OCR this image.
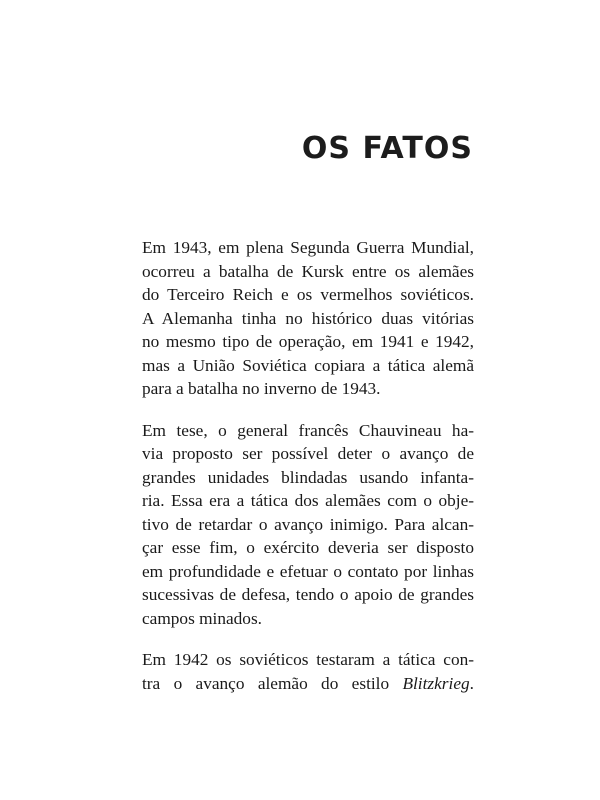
OS FATOS

Em 1943, em plena Segunda Guerra Mundial,
ocorreu a batalha de Kursk entre os alemães
do Terceiro Reich e os vermelhos soviéticos.
A Alemanha tinha no histórico duas vitórias
no mesmo tipo de operação, em 1941 e 1942,
mas a União Soviética copiara a tática alemã
para a batalha no inverno de 1943.

Em tese, o general francês Chauvineau ha-
via proposto ser possível deter o avanço de
grandes unidades blindadas usando infanta-
ria. Essa era a tática dos alemães com o obje-
tivo de retardar o avanço inimigo. Para alcan-
çar esse fim, o exército deveria ser disposto
em profundidade e efetuar o contato por linhas
sucessivas de defesa, tendo o apoio de grandes
campos minados.

Em 1942 os soviéticos testaram a tática con-
tra o avanço alemão do estilo Blitzkrieg.
